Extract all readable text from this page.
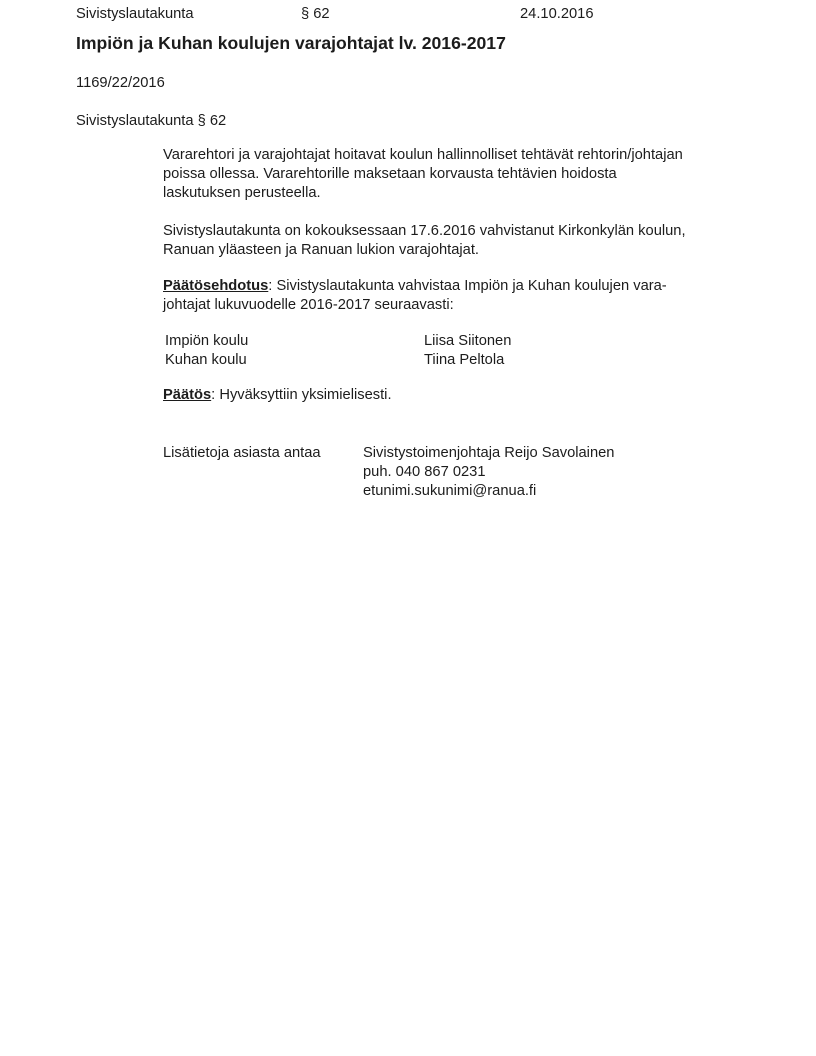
Sivistyslautakunta	§ 62	24.10.2016
Impiön ja Kuhan koulujen varajohtajat lv. 2016-2017
1169/22/2016
Sivistyslautakunta § 62
Vararehtori ja varajohtajat hoitavat koulun hallinnolliset tehtävät rehtorin/johtajan
poissa ollessa. Vararehtorille maksetaan korvausta tehtävien hoidosta
laskutuksen perusteella.
Sivistyslautakunta on kokouksessaan 17.6.2016 vahvistanut Kirkonkylän koulun,
Ranuan yläasteen ja Ranuan lukion varajohtajat.
Päätösehdotus: Sivistyslautakunta vahvistaa Impiön ja Kuhan koulujen vara-
johtajat lukuvuodelle 2016-2017 seuraavasti:
Impiön koulu	Liisa Siitonen
Kuhan koulu	Tiina Peltola
Päätös: Hyväksyttiin yksimielisesti.
Lisätietoja asiasta antaa	Sivistystoimenjohtaja Reijo Savolainen
puh. 040 867 0231
etunimi.sukunimi@ranua.fi
